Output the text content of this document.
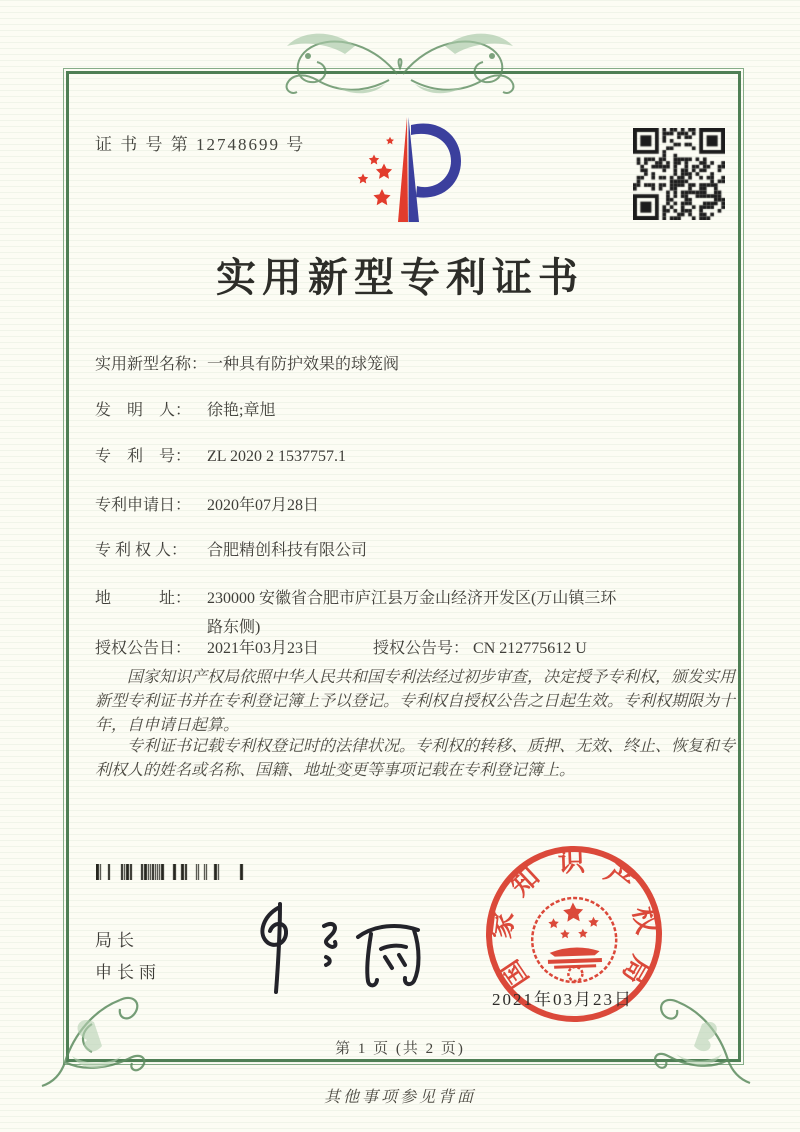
证 书 号 第 12748699 号
实用新型专利证书
实用新型名称： 一种具有防护效果的球笼阀
发　明　人： 徐艳;章旭
专　利　号： ZL 2020 2 1537757.1
专利申请日： 2020年07月28日
专 利 权 人： 合肥精创科技有限公司
地　　　址： 230000 安徽省合肥市庐江县万金山经济开发区(万山镇三环路东侧)
授权公告日： 2021年03月23日	授权公告号： CN 212775612 U
国家知识产权局依照中华人民共和国专利法经过初步审查，决定授予专利权，颁发实用新型专利证书并在专利登记簿上予以登记。专利权自授权公告之日起生效。专利权期限为十年，自申请日起算。
专利证书记载专利权登记时的法律状况。专利权的转移、质押、无效、终止、恢复和专利权人的姓名或名称、国籍、地址变更等事项记载在专利登记簿上。
局长
申长雨	国
家
知 识 产
权
局
2021年03月23日
第 1 页 (共 2 页)
其他事项参见背面
